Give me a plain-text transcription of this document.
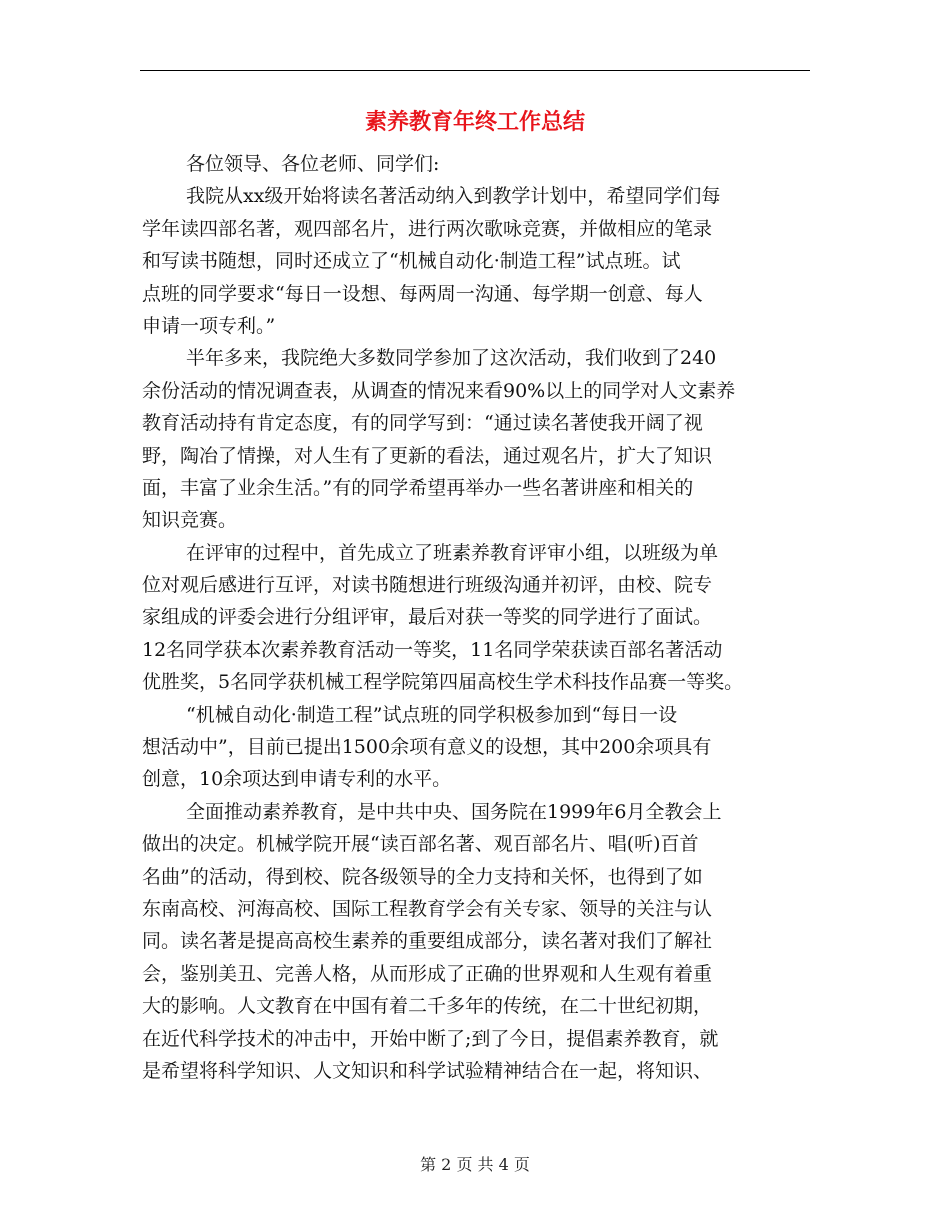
素养教育年终工作总结
各位领导、各位老师、同学们:
我院从xx级开始将读名著活动纳入到教学计划中，希望同学们每
学年读四部名著，观四部名片，进行两次歌咏竞赛，并做相应的笔录
和写读书随想，同时还成立了“机械自动化·制造工程”试点班。试
点班的同学要求“每日一设想、每两周一沟通、每学期一创意、每人
申请一项专利。”
半年多来，我院绝大多数同学参加了这次活动，我们收到了240
余份活动的情况调查表，从调查的情况来看90%以上的同学对人文素养
教育活动持有肯定态度，有的同学写到：“通过读名著使我开阔了视
野，陶冶了情操，对人生有了更新的看法，通过观名片，扩大了知识
面，丰富了业余生活。”有的同学希望再举办一些名著讲座和相关的
知识竞赛。
在评审的过程中，首先成立了班素养教育评审小组，以班级为单
位对观后感进行互评，对读书随想进行班级沟通并初评，由校、院专
家组成的评委会进行分组评审，最后对获一等奖的同学进行了面试。
12名同学获本次素养教育活动一等奖，11名同学荣获读百部名著活动
优胜奖，5名同学获机械工程学院第四届高校生学术科技作品赛一等奖。
“机械自动化·制造工程”试点班的同学积极参加到“每日一设
想活动中”，目前已提出1500余项有意义的设想，其中200余项具有
创意，10余项达到申请专利的水平。
全面推动素养教育，是中共中央、国务院在1999年6月全教会上
做出的决定。机械学院开展“读百部名著、观百部名片、唱(听)百首
名曲”的活动，得到校、院各级领导的全力支持和关怀，也得到了如
东南高校、河海高校、国际工程教育学会有关专家、领导的关注与认
同。读名著是提高高校生素养的重要组成部分，读名著对我们了解社
会，鉴别美丑、完善人格，从而形成了正确的世界观和人生观有着重
大的影响。人文教育在中国有着二千多年的传统，在二十世纪初期，
在近代科学技术的冲击中，开始中断了;到了今日，提倡素养教育，就
是希望将科学知识、人文知识和科学试验精神结合在一起，将知识、
第 2 页 共 4 页
